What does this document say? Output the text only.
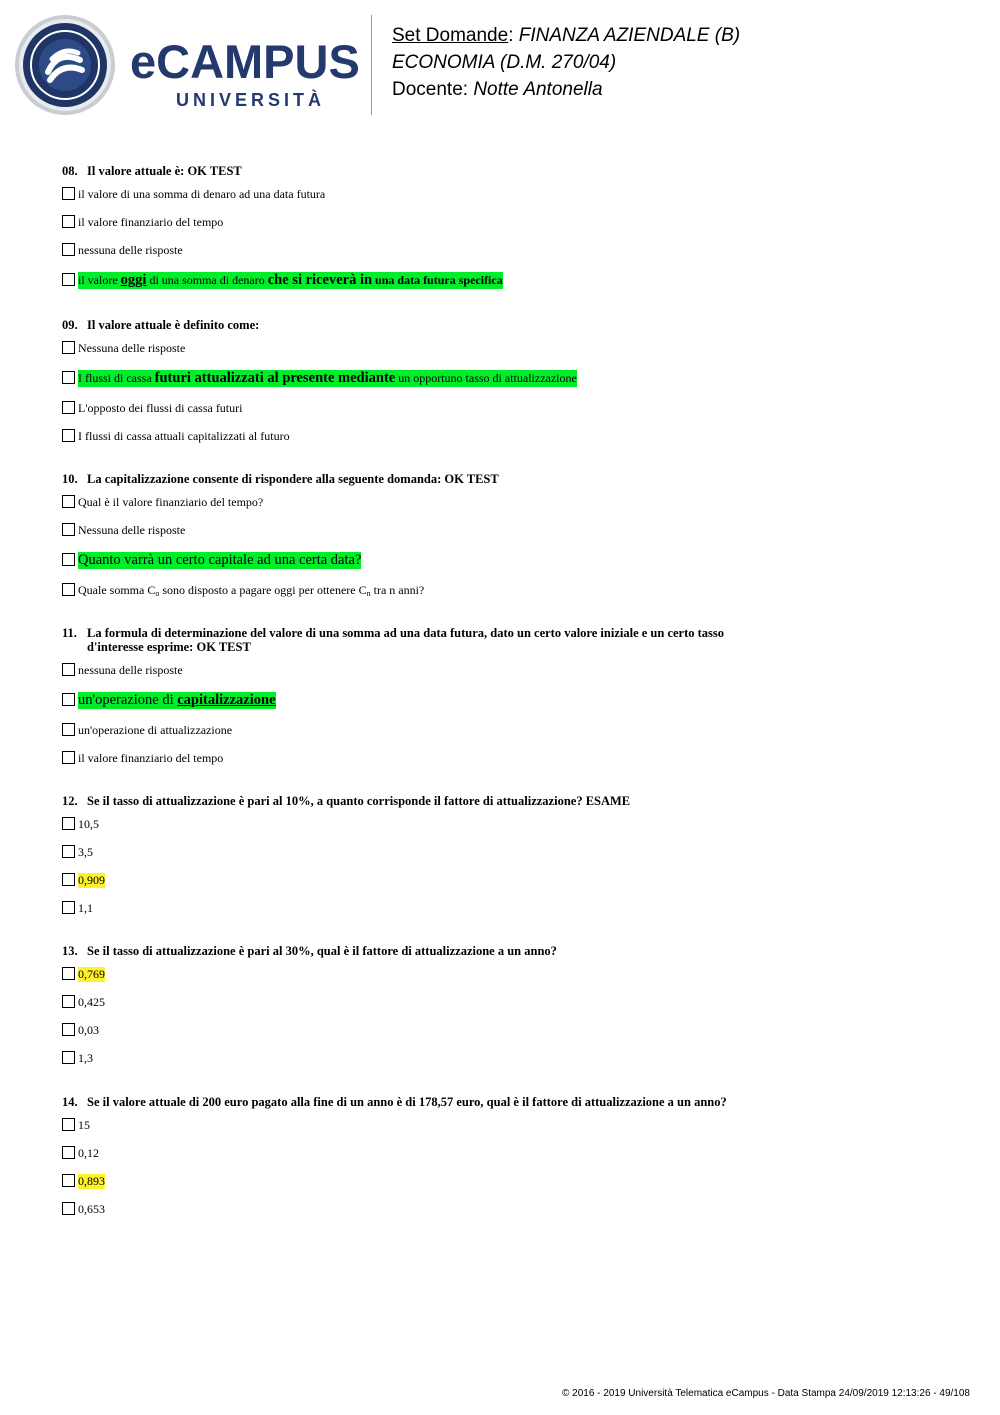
eCAMPUS
UNIVERSITÀ
Set Domande: FINANZA AZIENDALE (B)
ECONOMIA (D.M. 270/04)
Docente: Notte Antonella
08. Il valore attuale è: OK TEST
il valore di una somma di denaro ad una data futura
il valore finanziario del tempo
nessuna delle risposte
il valore oggi di una somma di denaro che si riceverà in una data futura specifica
09. Il valore attuale è definito come:
Nessuna delle risposte
I flussi di cassa futuri attualizzati al presente mediante un opportuno tasso di attualizzazione
L'opposto dei flussi di cassa futuri
I flussi di cassa attuali capitalizzati al futuro
10. La capitalizzazione consente di rispondere alla seguente domanda: OK TEST
Qual è il valore finanziario del tempo?
Nessuna delle risposte
Quanto varrà un certo capitale ad una certa data?
Quale somma $C_o$ sono disposto a pagare oggi per ottenere $C_n$ tra n anni?
11. La formula di determinazione del valore di una somma ad una data futura, dato un certo valore iniziale e un certo tasso d'interesse esprime: OK TEST
nessuna delle risposte
un'operazione di capitalizzazione
un'operazione di attualizzazione
il valore finanziario del tempo
12. Se il tasso di attualizzazione è pari al 10%, a quanto corrisponde il fattore di attualizzazione? ESAME
10,5
3,5
0,909
1,1
13. Se il tasso di attualizzazione è pari al 30%, qual è il fattore di attualizzazione a un anno?
0,769
0,425
0,03
1,3
14. Se il valore attuale di 200 euro pagato alla fine di un anno è di 178,57 euro, qual è il fattore di attualizzazione a un anno?
15
0,12
0,893
0,653
© 2016 - 2019 Università Telematica eCampus - Data Stampa 24/09/2019 12:13:26 - 49/108
